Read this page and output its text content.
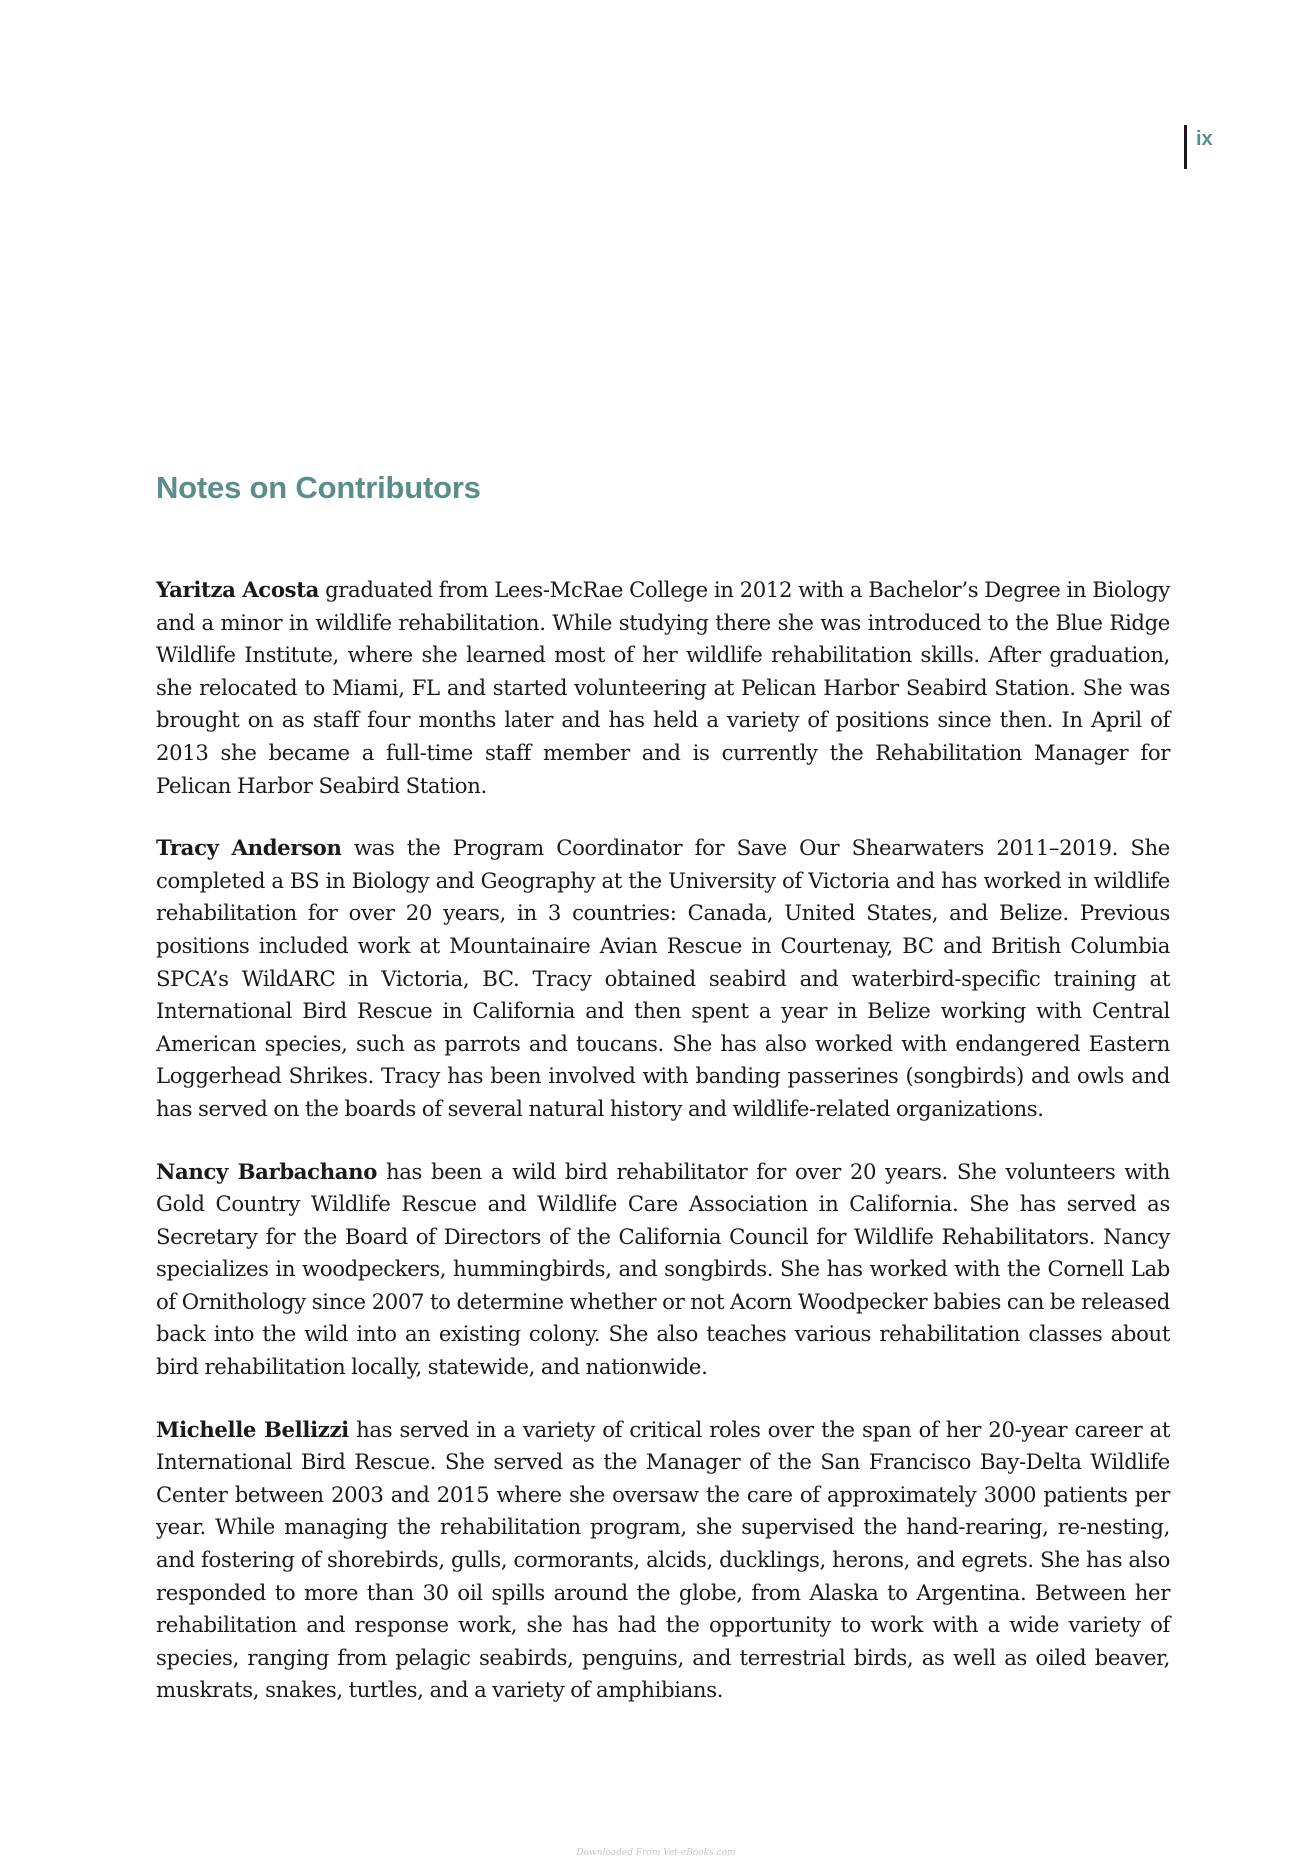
ix
Notes on Contributors

Yaritza Acosta graduated from Lees-McRae College in 2012 with a Bachelor’s Degree in Biology and a minor in wildlife rehabilitation. While studying there she was introduced to the Blue Ridge Wildlife Institute, where she learned most of her wildlife rehabilitation skills. After graduation, she relocated to Miami, FL and started volunteering at Pelican Harbor Seabird Station. She was brought on as staff four months later and has held a variety of positions since then. In April of 2013 she became a full-time staff member and is currently the Rehabilitation Manager for Pelican Harbor Seabird Station.

Tracy Anderson was the Program Coordinator for Save Our Shearwaters 2011–2019. She completed a BS in Biology and Geography at the University of Victoria and has worked in wildlife rehabilitation for over 20 years, in 3 countries: Canada, United States, and Belize. Previous positions included work at Mountainaire Avian Rescue in Courtenay, BC and British Columbia SPCA’s WildARC in Victoria, BC. Tracy obtained seabird and waterbird-specific training at International Bird Rescue in California and then spent a year in Belize working with Central American species, such as parrots and toucans. She has also worked with endangered Eastern Loggerhead Shrikes. Tracy has been involved with banding passerines (songbirds) and owls and has served on the boards of several natural history and wildlife-related organizations.

Nancy Barbachano has been a wild bird rehabilitator for over 20 years. She volunteers with Gold Country Wildlife Rescue and Wildlife Care Association in California. She has served as Secretary for the Board of Directors of the California Council for Wildlife Rehabilitators. Nancy specializes in woodpeckers, hummingbirds, and songbirds. She has worked with the Cornell Lab of Ornithology since 2007 to determine whether or not Acorn Woodpecker babies can be released back into the wild into an existing colony. She also teaches various rehabilitation classes about bird rehabilitation locally, statewide, and nationwide.

Michelle Bellizzi has served in a variety of critical roles over the span of her 20-year career at International Bird Rescue. She served as the Manager of the San Francisco Bay-Delta Wildlife Center between 2003 and 2015 where she oversaw the care of approximately 3000 patients per year. While managing the rehabilitation program, she supervised the hand-rearing, re-nesting, and fostering of shorebirds, gulls, cormorants, alcids, ducklings, herons, and egrets. She has also responded to more than 30 oil spills around the globe, from Alaska to Argentina. Between her rehabilitation and response work, she has had the opportunity to work with a wide variety of species, ranging from pelagic seabirds, penguins, and terrestrial birds, as well as oiled beaver, muskrats, snakes, turtles, and a variety of amphibians.

Downloaded From Vet-eBooks.com
